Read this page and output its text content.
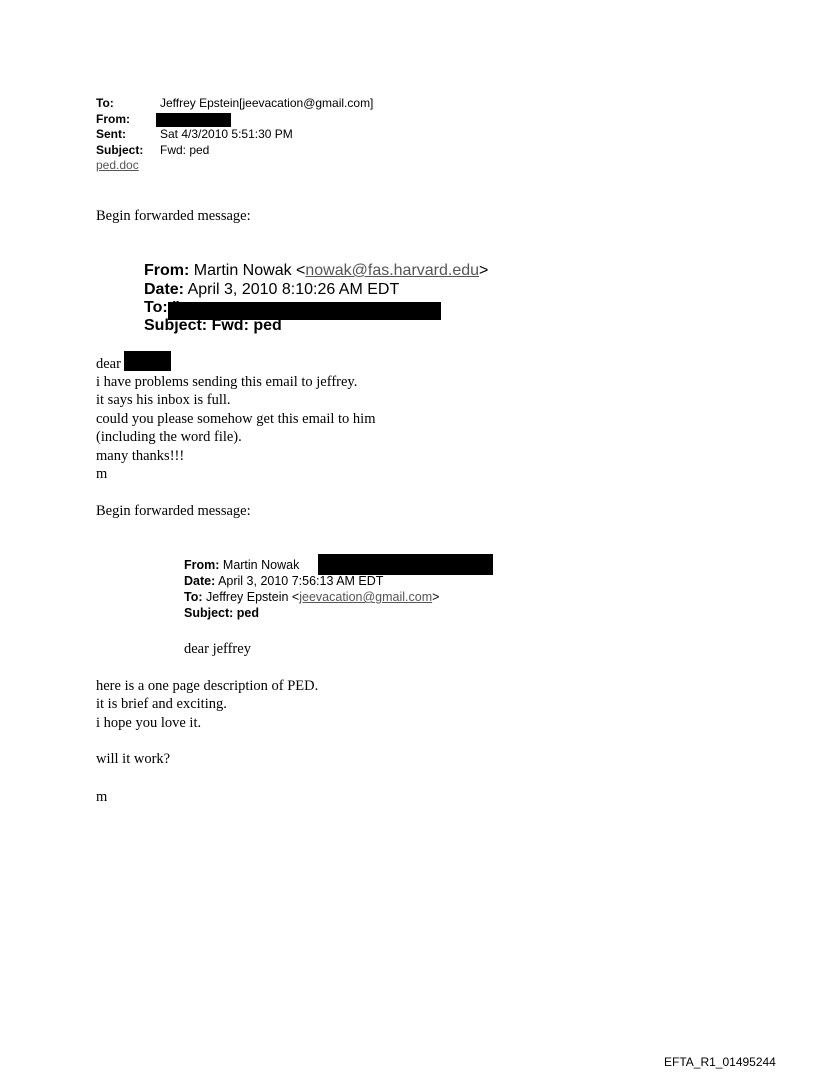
To:	Jeffrey Epstein[jeevacation@gmail.com]
From:
Sent:	Sat 4/3/2010 5:51:30 PM
Subject: Fwd: ped
ped.doc
Begin forwarded message:
From: Martin Nowak <nowak@fas.harvard.edu>
Date: April 3, 2010 8:10:26 AM EDT
To:
Subject: Fwd: ped
dear
i have problems sending this email to jeffrey.
it says his inbox is full.
could you please somehow get this email to him
(including the word file).
many thanks!!!
m
Begin forwarded message:
From: Martin Nowak
Date: April 3, 2010 7:56:13 AM EDT
To: Jeffrey Epstein <jeevacation@gmail.com>
Subject: ped
dear jeffrey
here is a one page description of PED.
it is brief and exciting.
i hope you love it.
will it work?
m
EFTA_R1_01495244
